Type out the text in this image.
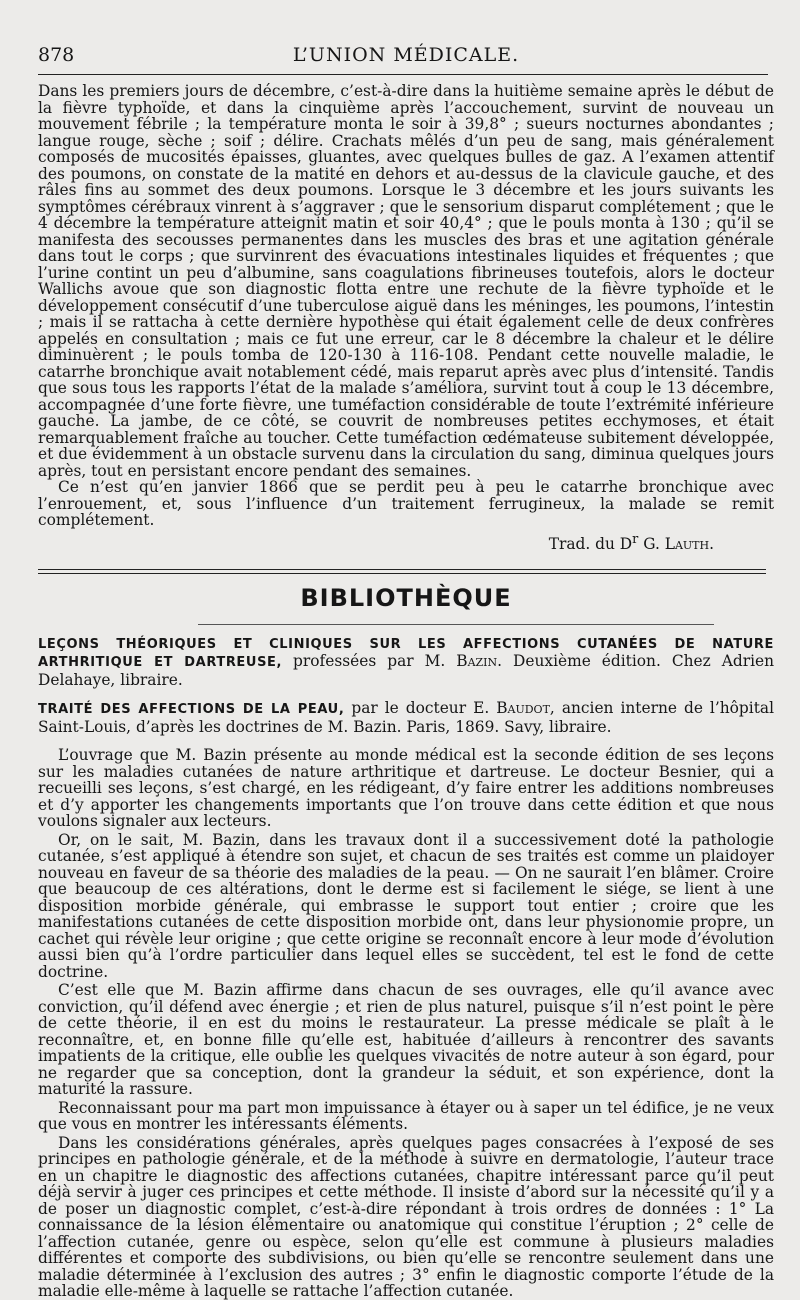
878	L’UNION MÉDICALE.

Dans les premiers jours de décembre, c’est-à-dire dans la huitième semaine après le début de la fièvre typhoïde, et dans la cinquième après l’accouchement, survint de nouveau un mouvement fébrile ; la température monta le soir à 39,8° ; sueurs nocturnes abondantes ; langue rouge, sèche ; soif ; délire. Crachats mêlés d’un peu de sang, mais généralement composés de mucosités épaisses, gluantes, avec quelques bulles de gaz. A l’examen attentif des poumons, on constate de la matité en dehors et au-dessus de la clavicule gauche, et des râles fins au sommet des deux poumons. Lorsque le 3 décembre et les jours suivants les symptômes cérébraux vinrent à s’aggraver ; que le sensorium disparut complétement ; que le 4 décembre la température atteignit matin et soir 40,4° ; que le pouls monta à 130 ; qu’il se manifesta des secousses permanentes dans les muscles des bras et une agitation générale dans tout le corps ; que survinrent des évacuations intestinales liquides et fréquentes ; que l’urine contint un peu d’albumine, sans coagulations fibrineuses toutefois, alors le docteur Wallichs avoue que son diagnostic flotta entre une rechute de la fièvre typhoïde et le développement consécutif d’une tuberculose aiguë dans les méninges, les poumons, l’intestin ; mais il se rattacha à cette dernière hypothèse qui était également celle de deux confrères appelés en consultation ; mais ce fut une erreur, car le 8 décembre la chaleur et le délire diminuèrent ; le pouls tomba de 120-130 à 116-108. Pendant cette nouvelle maladie, le catarrhe bronchique avait notablement cédé, mais reparut après avec plus d’intensité. Tandis que sous tous les rapports l’état de la malade s’améliora, survint tout à coup le 13 décembre, accompagnée d’une forte fièvre, une tuméfaction considérable de toute l’extrémité inférieure gauche. La jambe, de ce côté, se couvrit de nombreuses petites ecchymoses, et était remarquablement fraîche au toucher. Cette tuméfaction œdémateuse subitement développée, et due évidemment à un obstacle survenu dans la circulation du sang, diminua quelques jours après, tout en persistant encore pendant des semaines.

Ce n’est qu’en janvier 1866 que se perdit peu à peu le catarrhe bronchique avec l’enrouement, et, sous l’influence d’un traitement ferrugineux, la malade se remit complétement.

Trad. du $D^r$ G. Lauth.
BIBLIOTHÈQUE
LEÇONS THÉORIQUES ET CLINIQUES SUR LES AFFECTIONS CUTANÉES DE NATURE ARTHRITIQUE ET DARTREUSE, professées par M. Bazin. Deuxième édition. Chez Adrien Delahaye, libraire.
TRAITÉ DES AFFECTIONS DE LA PEAU, par le docteur E. Baudot, ancien interne de l’hôpital Saint-Louis, d’après les doctrines de M. Bazin. Paris, 1869. Savy, libraire.

L’ouvrage que M. Bazin présente au monde médical est la seconde édition de ses leçons sur les maladies cutanées de nature arthritique et dartreuse. Le docteur Besnier, qui a recueilli ses leçons, s’est chargé, en les rédigeant, d’y faire entrer les additions nombreuses et d’y apporter les changements importants que l’on trouve dans cette édition et que nous voulons signaler aux lecteurs.

Or, on le sait, M. Bazin, dans les travaux dont il a successivement doté la pathologie cutanée, s’est appliqué à étendre son sujet, et chacun de ses traités est comme un plaidoyer nouveau en faveur de sa théorie des maladies de la peau. — On ne saurait l’en blâmer. Croire que beaucoup de ces altérations, dont le derme est si facilement le siége, se lient à une disposition morbide générale, qui embrasse le support tout entier ; croire que les manifestations cutanées de cette disposition morbide ont, dans leur physionomie propre, un cachet qui révèle leur origine ; que cette origine se reconnaît encore à leur mode d’évolution aussi bien qu’à l’ordre particulier dans lequel elles se succèdent, tel est le fond de cette doctrine.

C’est elle que M. Bazin affirme dans chacun de ses ouvrages, elle qu’il avance avec conviction, qu’il défend avec énergie ; et rien de plus naturel, puisque s’il n’est point le père de cette théorie, il en est du moins le restaurateur. La presse médicale se plaît à le reconnaître, et, en bonne fille qu’elle est, habituée d’ailleurs à rencontrer des savants impatients de la critique, elle oublie les quelques vivacités de notre auteur à son égard, pour ne regarder que sa conception, dont la grandeur la séduit, et son expérience, dont la maturité la rassure.

Reconnaissant pour ma part mon impuissance à étayer ou à saper un tel édifice, je ne veux que vous en montrer les intéressants éléments.

Dans les considérations générales, après quelques pages consacrées à l’exposé de ses principes en pathologie générale, et de la méthode à suivre en dermatologie, l’auteur trace en un chapitre le diagnostic des affections cutanées, chapitre intéressant parce qu’il peut déjà servir à juger ces principes et cette méthode. Il insiste d’abord sur la nécessité qu’il y a de poser un diagnostic complet, c’est-à-dire répondant à trois ordres de données : 1° La connaissance de la lésion élémentaire ou anatomique qui constitue l’éruption ; 2° celle de l’affection cutanée, genre ou espèce, selon qu’elle est commune à plusieurs maladies différentes et comporte des subdivisions, ou bien qu’elle se rencontre seulement dans une maladie déterminée à l’exclusion des autres ; 3° enfin le diagnostic comporte l’étude de la maladie elle-même à laquelle se rattache l’affection cutanée.
